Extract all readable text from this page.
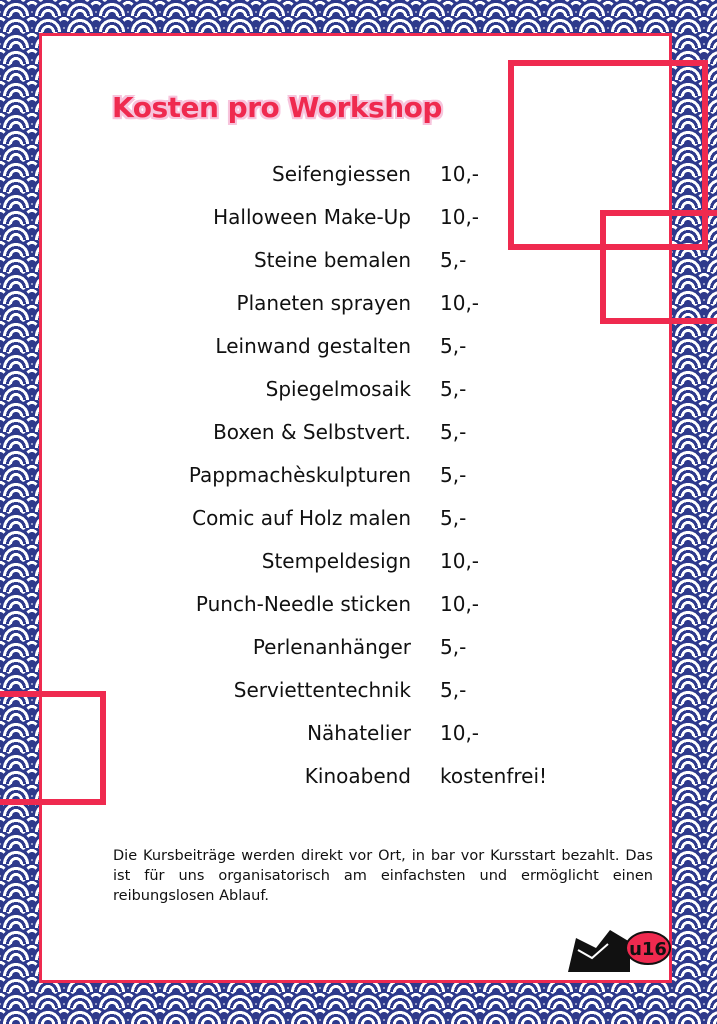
Kosten pro Workshop
Seifengiessen 10,-
Halloween Make-Up 10,-
Steine bemalen 5,-
Planeten sprayen 10,-
Leinwand gestalten 5,-
Spiegelmosaik 5,-
Boxen & Selbstvert. 5,-
Pappmachèskulpturen 5,-
Comic auf Holz malen 5,-
Stempeldesign 10,-
Punch-Needle sticken 10,-
Perlenanhänger 5,-
Serviettentechnik 5,-
Nähatelier 10,-
Kinoabend kostenfrei!

Die Kursbeiträge werden direkt vor Ort, in bar vor Kursstart bezahlt. Das ist für uns organisatorisch am einfachsten und ermöglicht einen reibungslosen Ablauf.

u16
